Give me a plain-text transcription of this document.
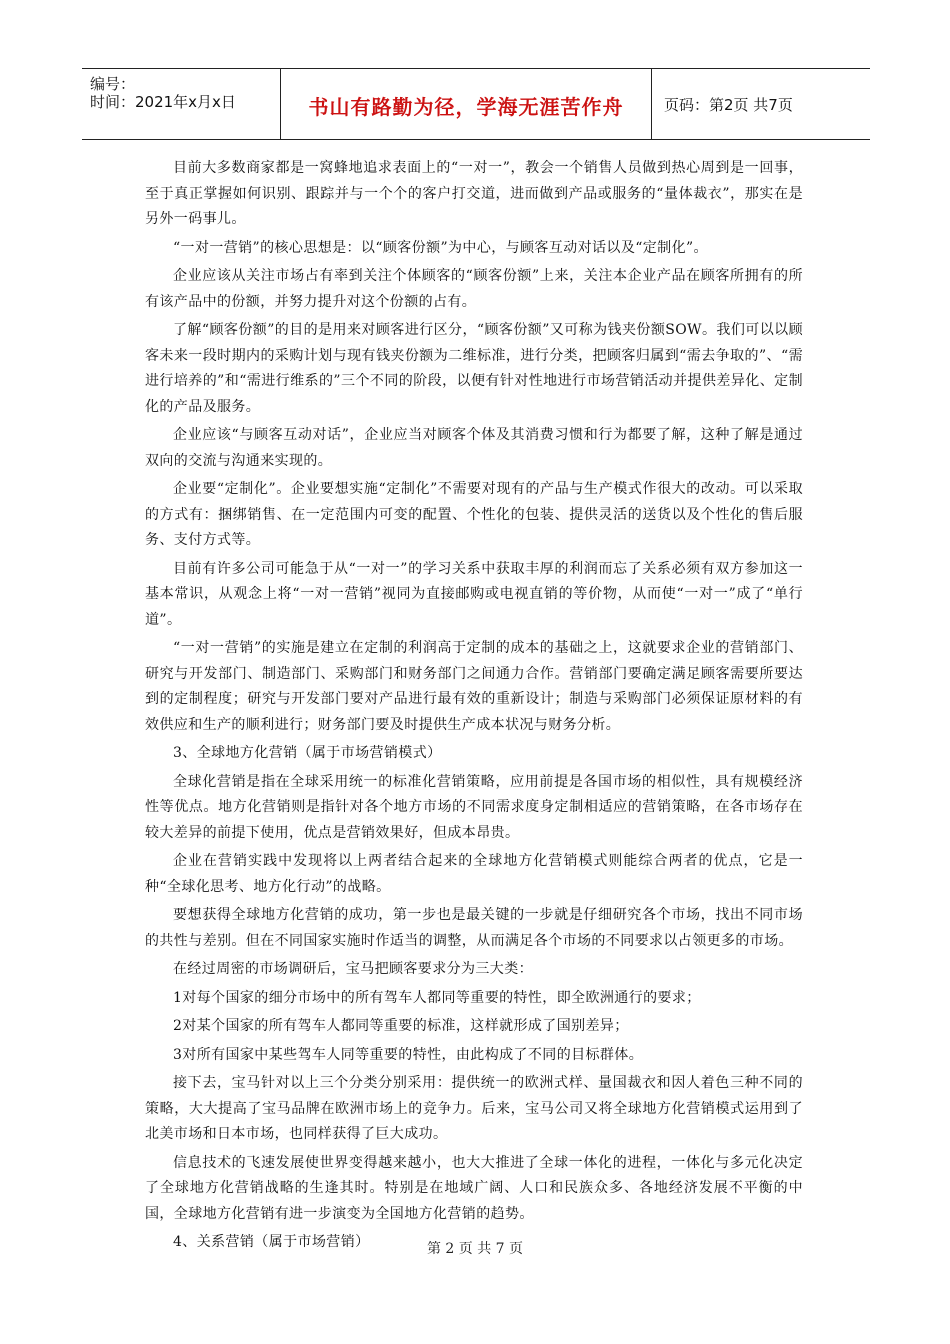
编号：
时间：2021年x月x日	书山有路勤为径，学海无涯苦作舟	页码：第2页 共7页

目前大多数商家都是一窝蜂地追求表面上的“一对一”，教会一个销售人员做到热心周到是一回事，至于真正掌握如何识别、跟踪并与一个个的客户打交道，进而做到产品或服务的“量体裁衣”，那实在是另外一码事儿。

“一对一营销”的核心思想是：以“顾客份额”为中心，与顾客互动对话以及“定制化”。

企业应该从关注市场占有率到关注个体顾客的“顾客份额”上来，关注本企业产品在顾客所拥有的所有该产品中的份额，并努力提升对这个份额的占有。

了解“顾客份额”的目的是用来对顾客进行区分，“顾客份额”又可称为钱夹份额SOW。我们可以以顾客未来一段时期内的采购计划与现有钱夹份额为二维标准，进行分类，把顾客归属到“需去争取的”、“需进行培养的”和“需进行维系的”三个不同的阶段，以便有针对性地进行市场营销活动并提供差异化、定制化的产品及服务。

企业应该“与顾客互动对话”，企业应当对顾客个体及其消费习惯和行为都要了解，这种了解是通过双向的交流与沟通来实现的。

企业要“定制化”。企业要想实施“定制化”不需要对现有的产品与生产模式作很大的改动。可以采取的方式有：捆绑销售、在一定范围内可变的配置、个性化的包装、提供灵活的送货以及个性化的售后服务、支付方式等。

目前有许多公司可能急于从“一对一”的学习关系中获取丰厚的利润而忘了关系必须有双方参加这一基本常识，从观念上将“一对一营销”视同为直接邮购或电视直销的等价物，从而使“一对一”成了“单行道”。

“一对一营销”的实施是建立在定制的利润高于定制的成本的基础之上，这就要求企业的营销部门、研究与开发部门、制造部门、采购部门和财务部门之间通力合作。营销部门要确定满足顾客需要所要达到的定制程度；研究与开发部门要对产品进行最有效的重新设计；制造与采购部门必须保证原材料的有效供应和生产的顺利进行；财务部门要及时提供生产成本状况与财务分析。

3、全球地方化营销（属于市场营销模式）

全球化营销是指在全球采用统一的标准化营销策略，应用前提是各国市场的相似性，具有规模经济性等优点。地方化营销则是指针对各个地方市场的不同需求度身定制相适应的营销策略，在各市场存在较大差异的前提下使用，优点是营销效果好，但成本昂贵。

企业在营销实践中发现将以上两者结合起来的全球地方化营销模式则能综合两者的优点，它是一种“全球化思考、地方化行动”的战略。

要想获得全球地方化营销的成功，第一步也是最关键的一步就是仔细研究各个市场，找出不同市场的共性与差别。但在不同国家实施时作适当的调整，从而满足各个市场的不同要求以占领更多的市场。

在经过周密的市场调研后，宝马把顾客要求分为三大类：

1对每个国家的细分市场中的所有驾车人都同等重要的特性，即全欧洲通行的要求；

2对某个国家的所有驾车人都同等重要的标准，这样就形成了国别差异；

3对所有国家中某些驾车人同等重要的特性，由此构成了不同的目标群体。

接下去，宝马针对以上三个分类分别采用：提供统一的欧洲式样、量国裁衣和因人着色三种不同的策略，大大提高了宝马品牌在欧洲市场上的竞争力。后来，宝马公司又将全球地方化营销模式运用到了北美市场和日本市场，也同样获得了巨大成功。

信息技术的飞速发展使世界变得越来越小，也大大推进了全球一体化的进程，一体化与多元化决定了全球地方化营销战略的生逢其时。特别是在地域广阔、人口和民族众多、各地经济发展不平衡的中国，全球地方化营销有进一步演变为全国地方化营销的趋势。

4、关系营销（属于市场营销）	第 2 页 共 7 页
